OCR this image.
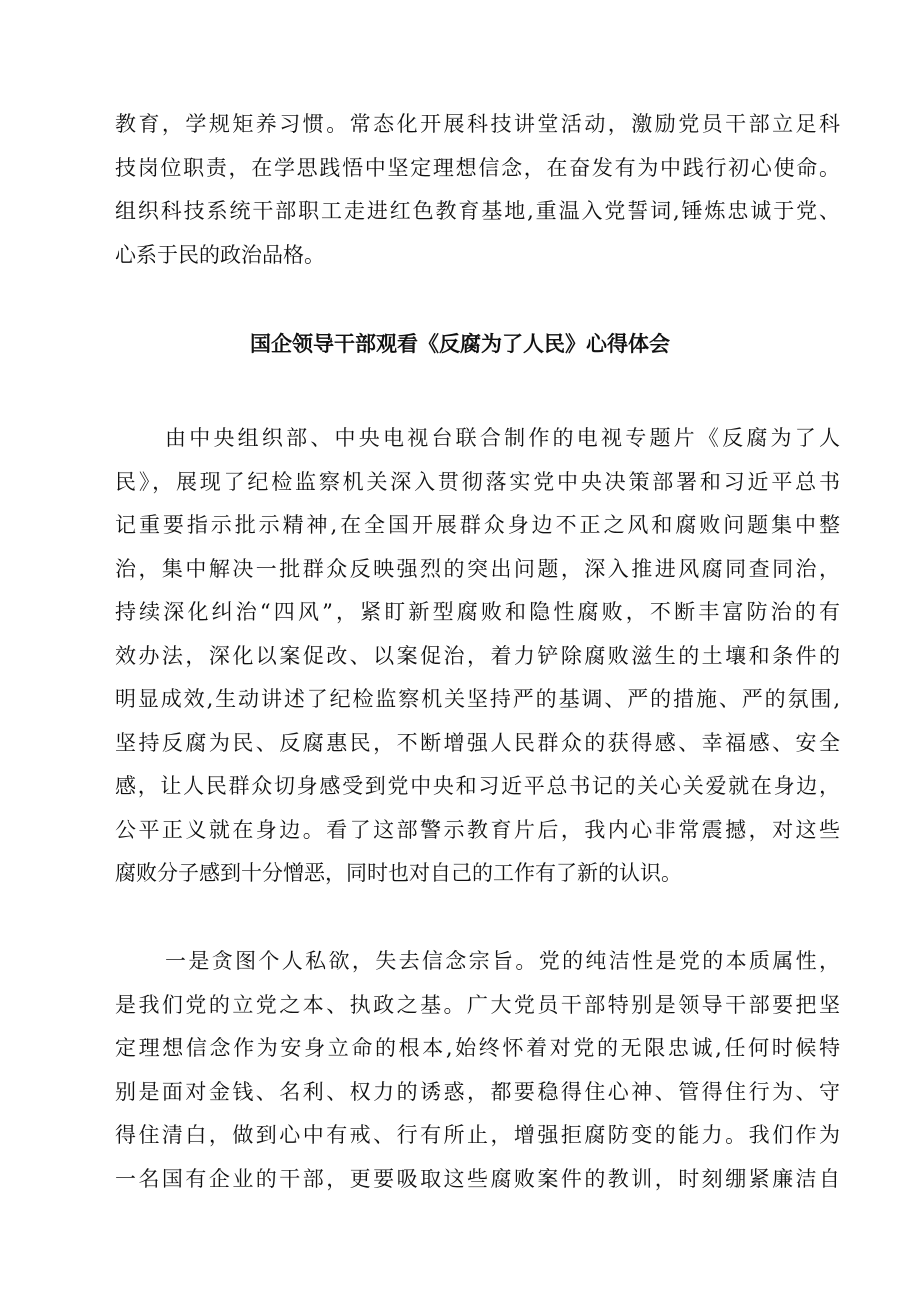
教育，学规矩养习惯。常态化开展科技讲堂活动，激励党员干部立足科
技岗位职责，在学思践悟中坚定理想信念，在奋发有为中践行初心使命。
组织科技系统干部职工走进红色教育基地,重温入党誓词,锤炼忠诚于党、
心系于民的政治品格。
国企领导干部观看《反腐为了人民》心得体会
由中央组织部、中央电视台联合制作的电视专题片《反腐为了人
民》，展现了纪检监察机关深入贯彻落实党中央决策部署和习近平总书
记重要指示批示精神,在全国开展群众身边不正之风和腐败问题集中整
治，集中解决一批群众反映强烈的突出问题，深入推进风腐同查同治，
持续深化纠治“四风”，紧盯新型腐败和隐性腐败，不断丰富防治的有
效办法，深化以案促改、以案促治，着力铲除腐败滋生的土壤和条件的
明显成效,生动讲述了纪检监察机关坚持严的基调、严的措施、严的氛围,
坚持反腐为民、反腐惠民，不断增强人民群众的获得感、幸福感、安全
感，让人民群众切身感受到党中央和习近平总书记的关心关爱就在身边，
公平正义就在身边。看了这部警示教育片后，我内心非常震撼，对这些
腐败分子感到十分憎恶，同时也对自己的工作有了新的认识。
一是贪图个人私欲，失去信念宗旨。党的纯洁性是党的本质属性，
是我们党的立党之本、执政之基。广大党员干部特别是领导干部要把坚
定理想信念作为安身立命的根本,始终怀着对党的无限忠诚,任何时候特
别是面对金钱、名利、权力的诱惑，都要稳得住心神、管得住行为、守
得住清白，做到心中有戒、行有所止，增强拒腐防变的能力。我们作为
一名国有企业的干部，更要吸取这些腐败案件的教训，时刻绷紧廉洁自
